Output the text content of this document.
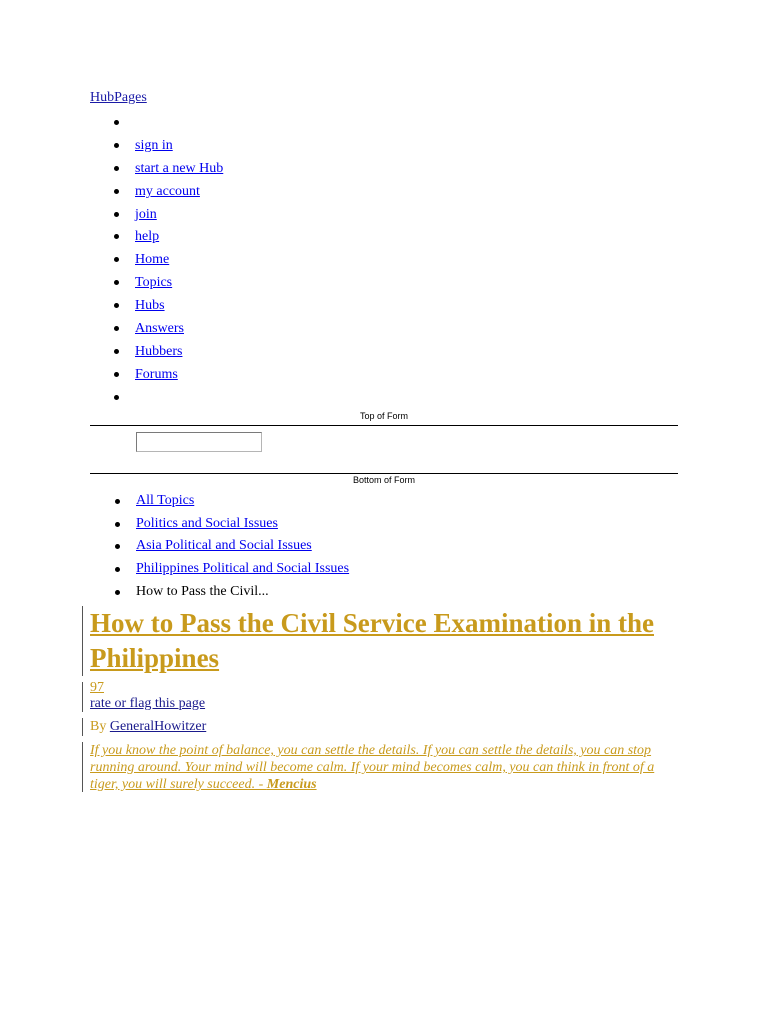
HubPages
sign in
start a new Hub
my account
join
help
Home
Topics
Hubs
Answers
Hubbers
Forums
Top of Form
Bottom of Form
All Topics
Politics and Social Issues
Asia Political and Social Issues
Philippines Political and Social Issues
How to Pass the Civil...
How to Pass the Civil Service Examination in the Philippines
97
rate or flag this page
By GeneralHowitzer
If you know the point of balance, you can settle the details. If you can settle the details, you can stop running around. Your mind will become calm. If your mind becomes calm, you can think in front of a tiger, you will surely succeed. - Mencius
